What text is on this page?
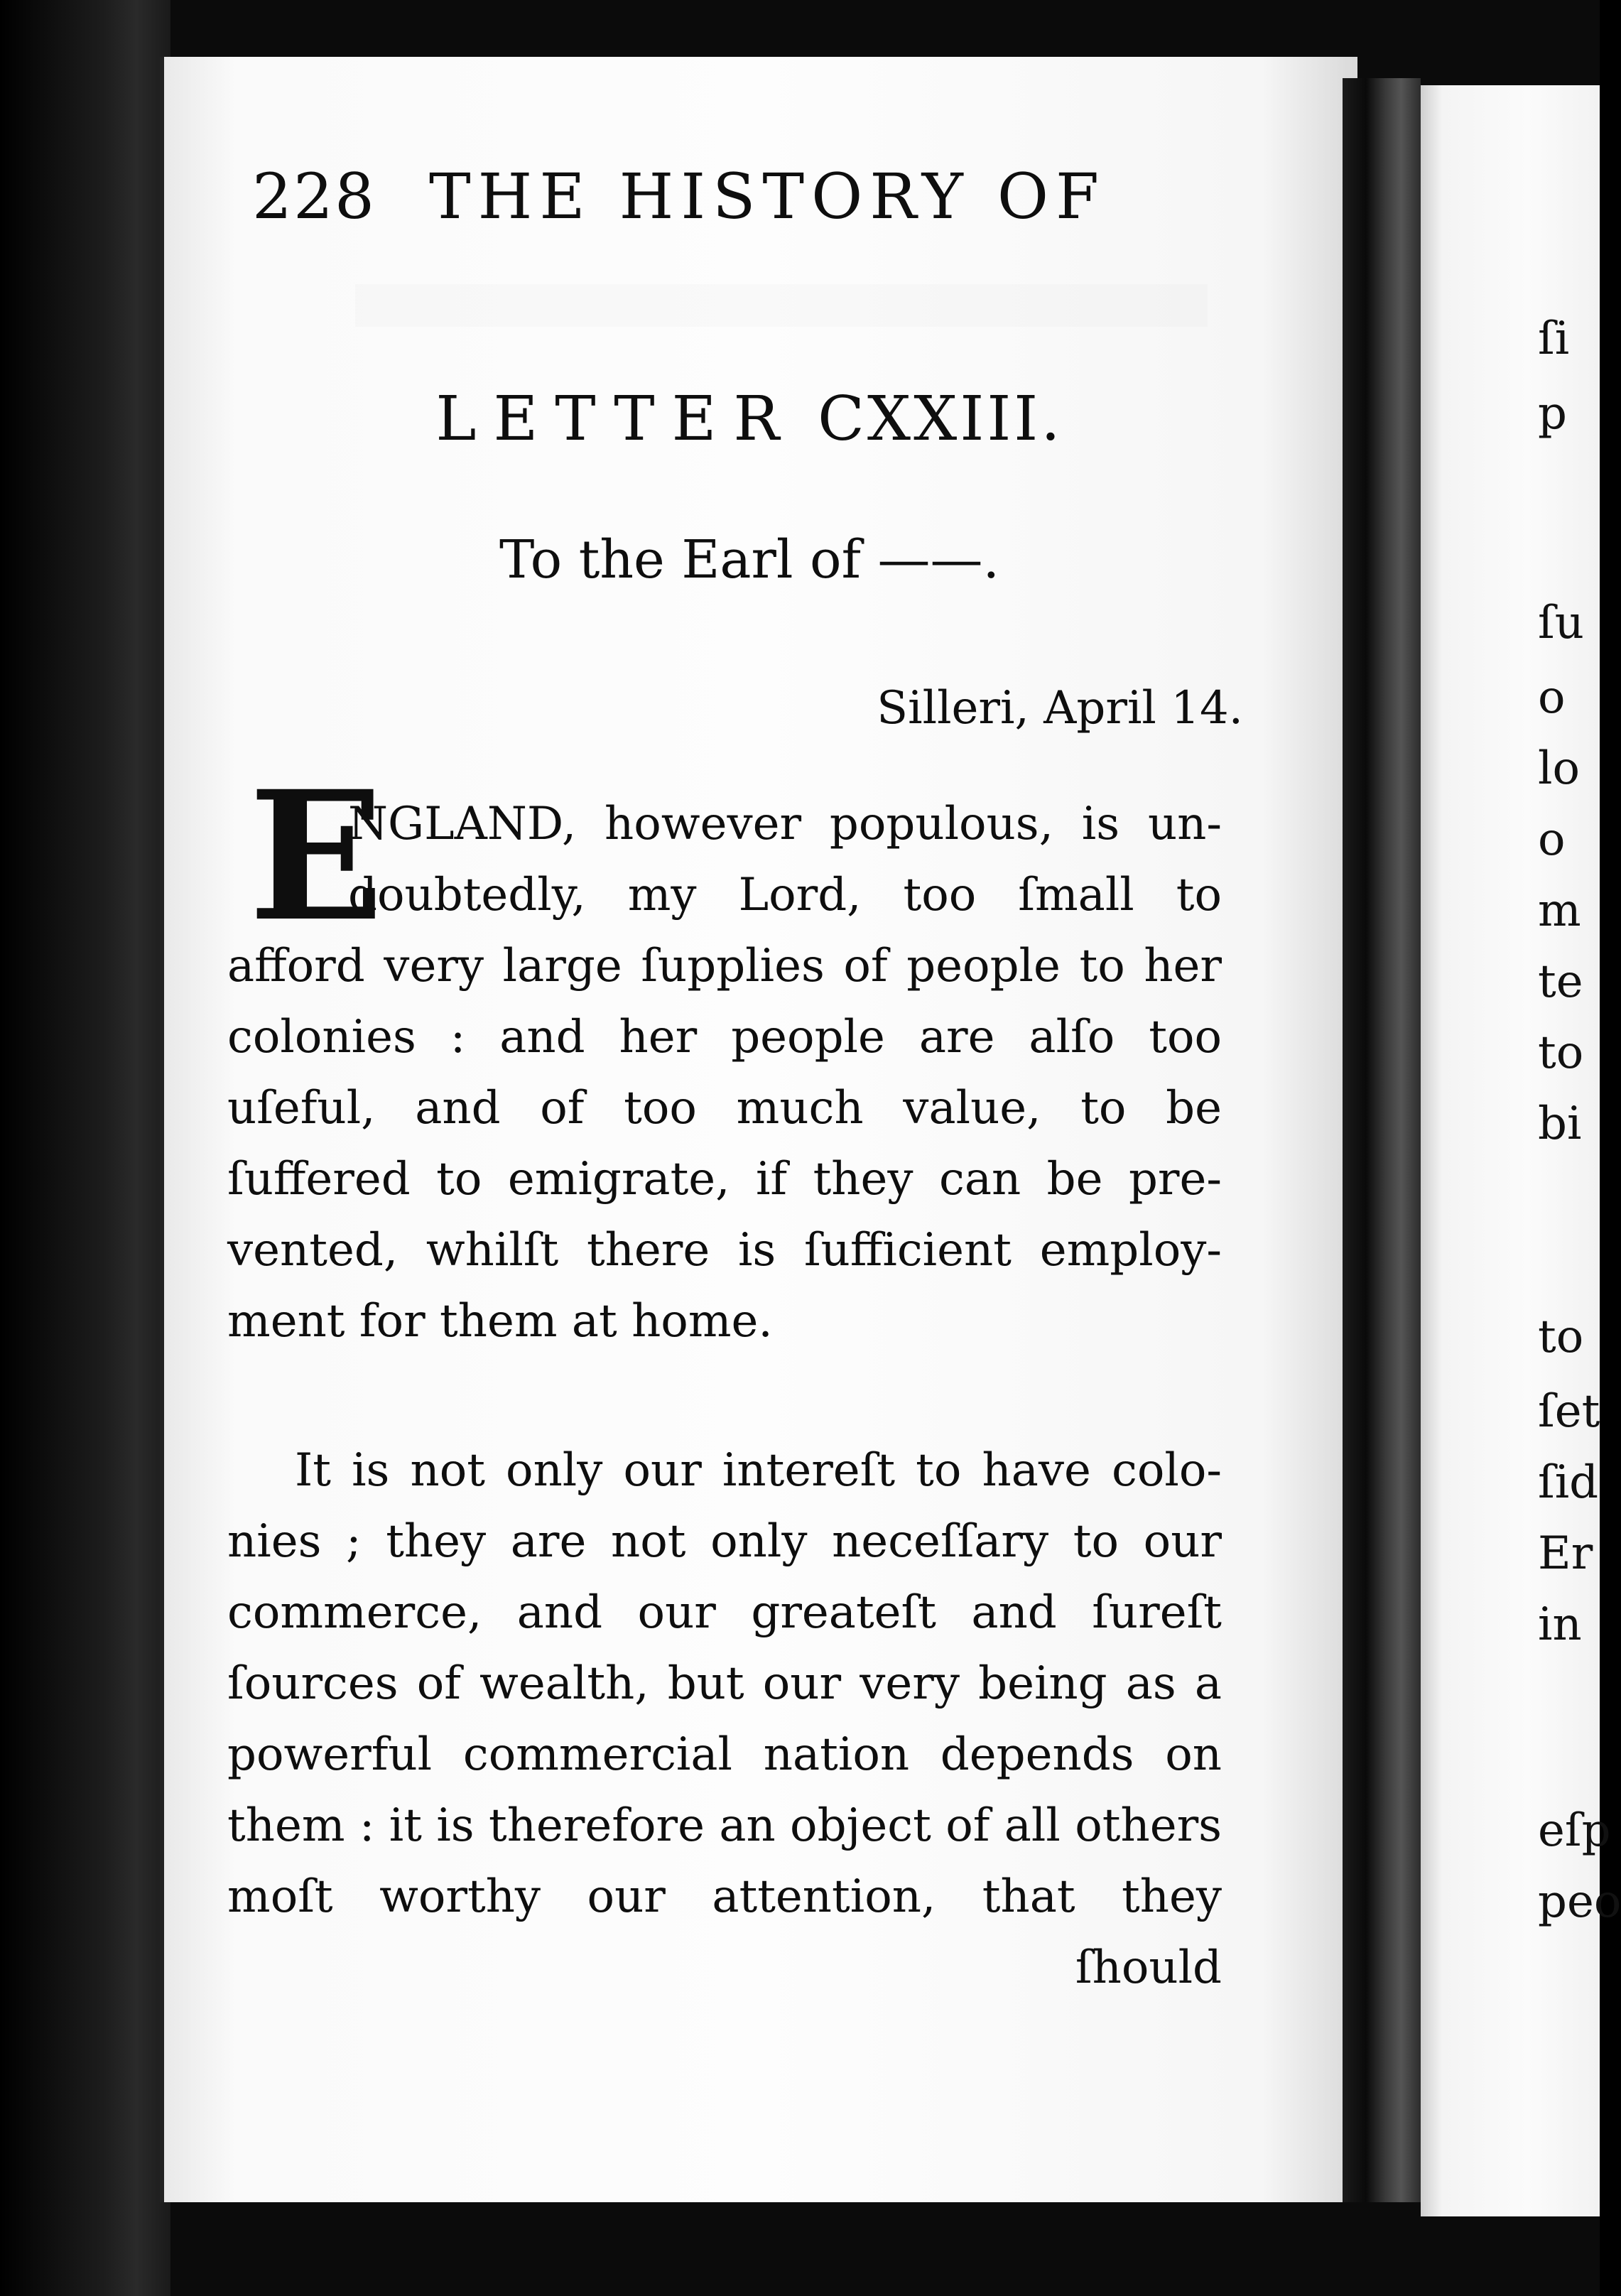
228 THE HISTORY OF
LETTER CXXIII.
To the Earl of ——.
Silleri, April 14.
E
NGLAND, however populous, is un-
doubtedly, my Lord, too ſmall to
afford very large ſupplies of people to her
colonies : and her people are alſo too
uſeful, and of too much value, to be
ſuffered to emigrate, if they can be pre-
vented, whilſt there is ſufficient employ-
ment for them at home.
It is not only our intereſt to have colo-
nies ; they are not only neceſſary to our
commerce, and our greateſt and ſureſt
ſources of wealth, but our very being as a
powerful commercial nation depends on
them : it is therefore an object of all others
moſt worthy our attention, that they
ſhould
ſi
p
ſu
o
lo
o
m
te
to
bi
to
ſet
ſid
Er
in
eſp
peo
